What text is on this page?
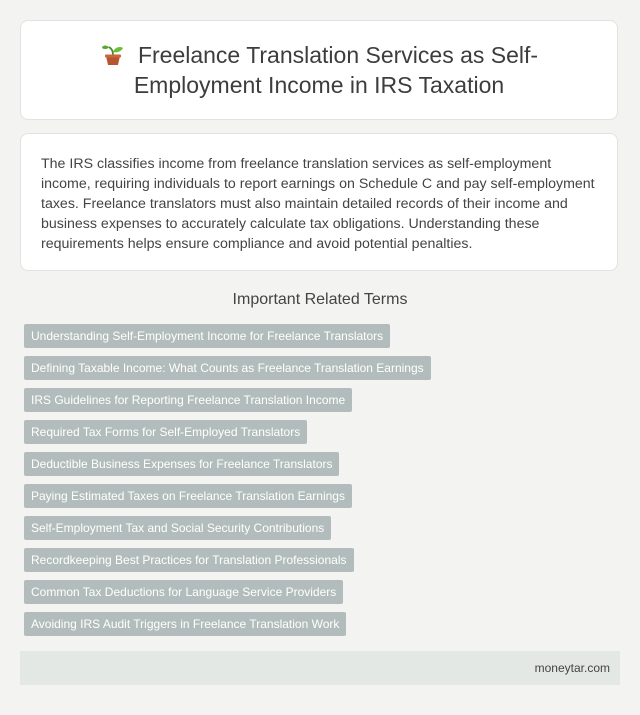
Freelance Translation Services as Self-Employment Income in IRS Taxation

The IRS classifies income from freelance translation services as self-employment income, requiring individuals to report earnings on Schedule C and pay self-employment taxes. Freelance translators must also maintain detailed records of their income and business expenses to accurately calculate tax obligations. Understanding these requirements helps ensure compliance and avoid potential penalties.

Important Related Terms
Understanding Self-Employment Income for Freelance Translators
Defining Taxable Income: What Counts as Freelance Translation Earnings
IRS Guidelines for Reporting Freelance Translation Income
Required Tax Forms for Self-Employed Translators
Deductible Business Expenses for Freelance Translators
Paying Estimated Taxes on Freelance Translation Earnings
Self-Employment Tax and Social Security Contributions
Recordkeeping Best Practices for Translation Professionals
Common Tax Deductions for Language Service Providers
Avoiding IRS Audit Triggers in Freelance Translation Work
moneytar.com
